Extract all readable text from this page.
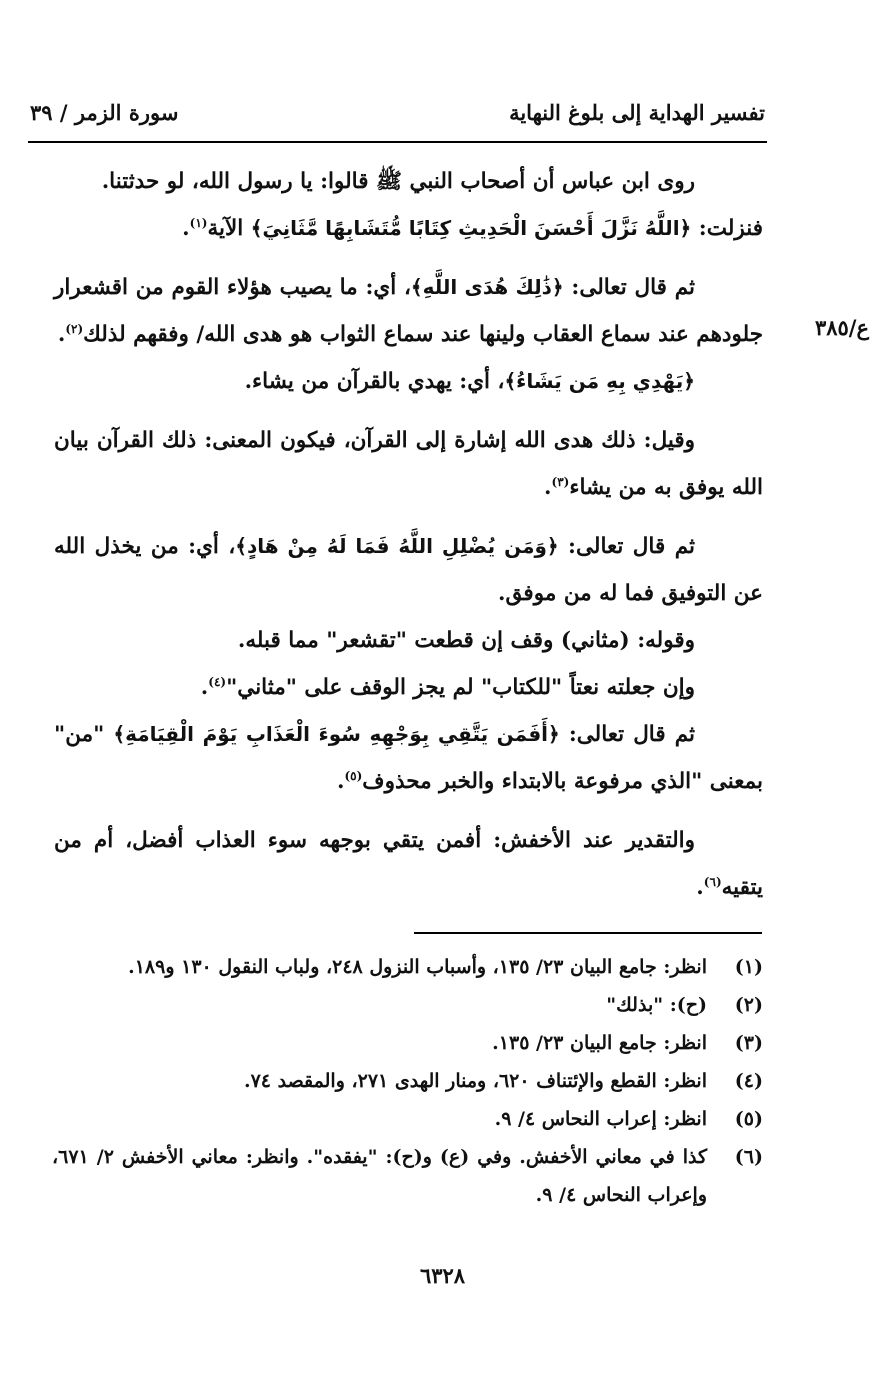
تفسير الهداية إلى بلوغ النهاية
سورة الزمر / ٣٩
ع/٣٨٥

روى ابن عباس أن أصحاب النبي ﷺ قالوا: يا رسول الله، لو حدثتنا.

فنزلت: ﴿اللَّهُ نَزَّلَ أَحْسَنَ الْحَدِيثِ كِتَابًا مُّتَشَابِهًا مَّثَانِيَ﴾ الآية$^{(١)}$.

ثم قال تعالى: ﴿ذَٰلِكَ هُدَى اللَّهِ﴾، أي: ما يصيب هؤلاء القوم من اقشعرار جلودهم عند سماع العقاب ولينها عند سماع الثواب هو هدى الله/ وفقهم لذلك$^{(٢)}$.

﴿يَهْدِي بِهِ مَن يَشَاءُ﴾، أي: يهدي بالقرآن من يشاء.

وقيل: ذلك هدى الله إشارة إلى القرآن، فيكون المعنى: ذلك القرآن بيان الله يوفق به من يشاء$^{(٣)}$.

ثم قال تعالى: ﴿وَمَن يُضْلِلِ اللَّهُ فَمَا لَهُ مِنْ هَادٍ﴾، أي: من يخذل الله عن التوفيق فما له من موفق.

وقوله: (مثاني) وقف إن قطعت "تقشعر" مما قبله.

وإن جعلته نعتاً "للكتاب" لم يجز الوقف على "مثاني"$^{(٤)}$.

ثم قال تعالى: ﴿أَفَمَن يَتَّقِي بِوَجْهِهِ سُوءَ الْعَذَابِ يَوْمَ الْقِيَامَةِ﴾ "من" بمعنى "الذي مرفوعة بالابتداء والخبر محذوف$^{(٥)}$.

والتقدير عند الأخفش: أفمن يتقي بوجهه سوء العذاب أفضل، أم من يتقيه$^{(٦)}$.

(١)
انظر: جامع البيان ٢٣/ ١٣٥، وأسباب النزول ٢٤٨، ولباب النقول ١٣٠ و١٨٩.
(٢)
(ح): "بذلك"
(٣)
انظر: جامع البيان ٢٣/ ١٣٥.
(٤)
انظر: القطع والإئتناف ٦٢٠، ومنار الهدى ٢٧١، والمقصد ٧٤.
(٥)
انظر: إعراب النحاس ٤/ ٩.
(٦)
كذا في معاني الأخفش. وفي (ع) و(ح): "يفقده". وانظر: معاني الأخفش ٢/ ٦٧١، وإعراب النحاس ٤/ ٩.
٦٣٢٨
